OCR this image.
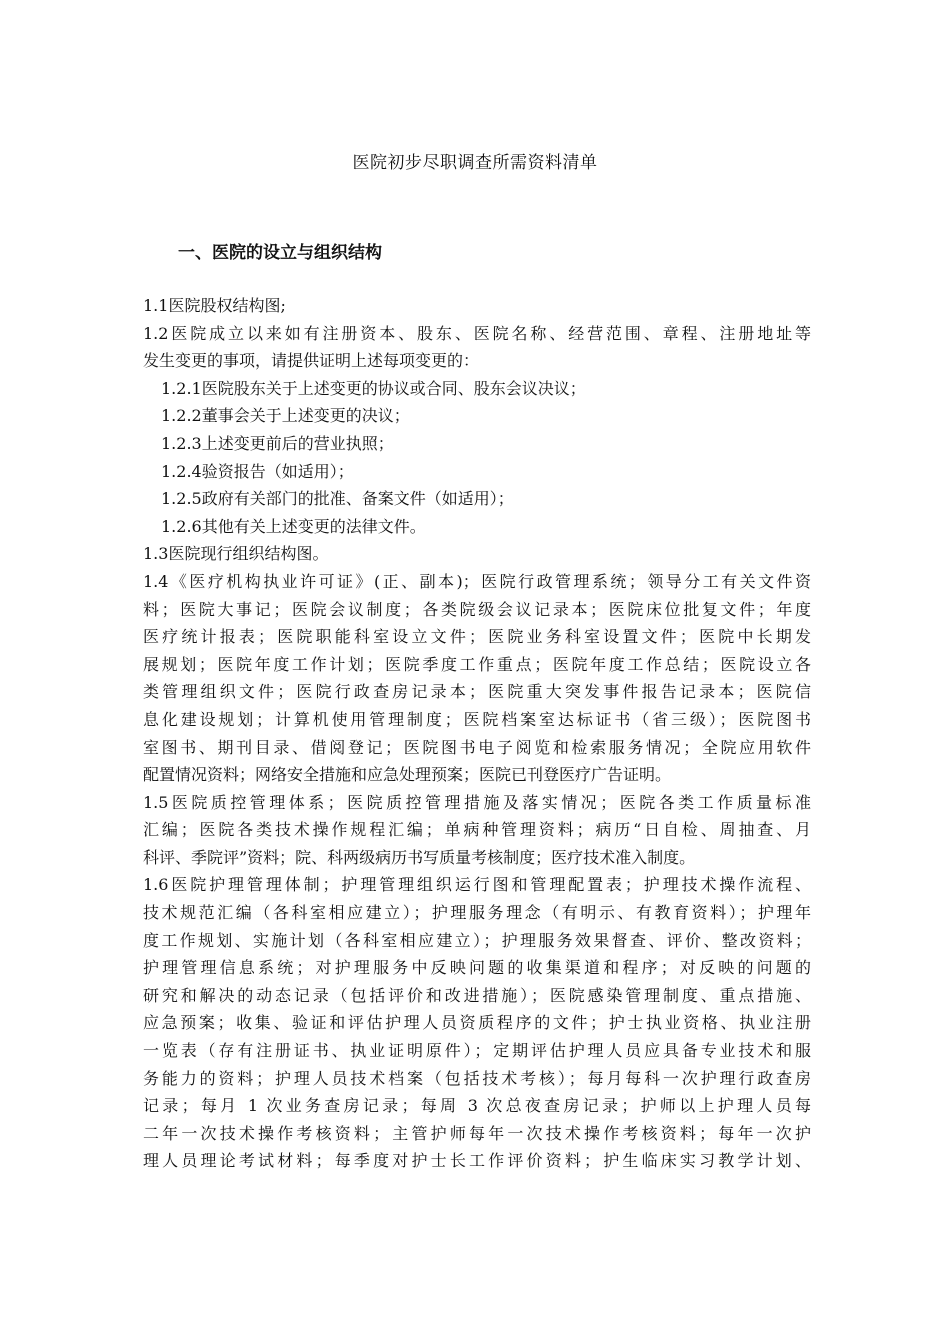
医院初步尽职调查所需资料清单
一、医院的设立与组织结构
1.1医院股权结构图;
1.2医院成立以来如有注册资本、股东、医院名称、经营范围、章程、注册地址等
发生变更的事项，请提供证明上述每项变更的：
1.2.1医院股东关于上述变更的协议或合同、股东会议决议；
1.2.2董事会关于上述变更的决议；
1.2.3上述变更前后的营业执照；
1.2.4验资报告（如适用）；
1.2.5政府有关部门的批准、备案文件（如适用）；
1.2.6其他有关上述变更的法律文件。
1.3医院现行组织结构图。
1.4《医疗机构执业许可证》(正、副本)；医院行政管理系统；领导分工有关文件资
料；医院大事记；医院会议制度；各类院级会议记录本；医院床位批复文件；年度
医疗统计报表；医院职能科室设立文件；医院业务科室设置文件；医院中长期发
展规划；医院年度工作计划；医院季度工作重点；医院年度工作总结；医院设立各
类管理组织文件；医院行政查房记录本；医院重大突发事件报告记录本；医院信
息化建设规划；计算机使用管理制度；医院档案室达标证书（省三级）；医院图书
室图书、期刊目录、借阅登记；医院图书电子阅览和检索服务情况；全院应用软件
配置情况资料；网络安全措施和应急处理预案；医院已刊登医疗广告证明。
1.5医院质控管理体系；医院质控管理措施及落实情况；医院各类工作质量标准
汇编；医院各类技术操作规程汇编；单病种管理资料；病历“日自检、周抽查、月
科评、季院评”资料；院、科两级病历书写质量考核制度；医疗技术准入制度。
1.6医院护理管理体制；护理管理组织运行图和管理配置表；护理技术操作流程、
技术规范汇编（各科室相应建立）；护理服务理念（有明示、有教育资料）；护理年
度工作规划、实施计划（各科室相应建立）；护理服务效果督查、评价、整改资料；
护理管理信息系统；对护理服务中反映问题的收集渠道和程序；对反映的问题的
研究和解决的动态记录（包括评价和改进措施）；医院感染管理制度、重点措施、
应急预案；收集、验证和评估护理人员资质程序的文件；护士执业资格、执业注册
一览表（存有注册证书、执业证明原件）；定期评估护理人员应具备专业技术和服
务能力的资料；护理人员技术档案（包括技术考核）；每月每科一次护理行政查房
记录；每月 1 次业务查房记录；每周 3 次总夜查房记录；护师以上护理人员每
二年一次技术操作考核资料；主管护师每年一次技术操作考核资料；每年一次护
理人员理论考试材料；每季度对护士长工作评价资料；护生临床实习教学计划、
